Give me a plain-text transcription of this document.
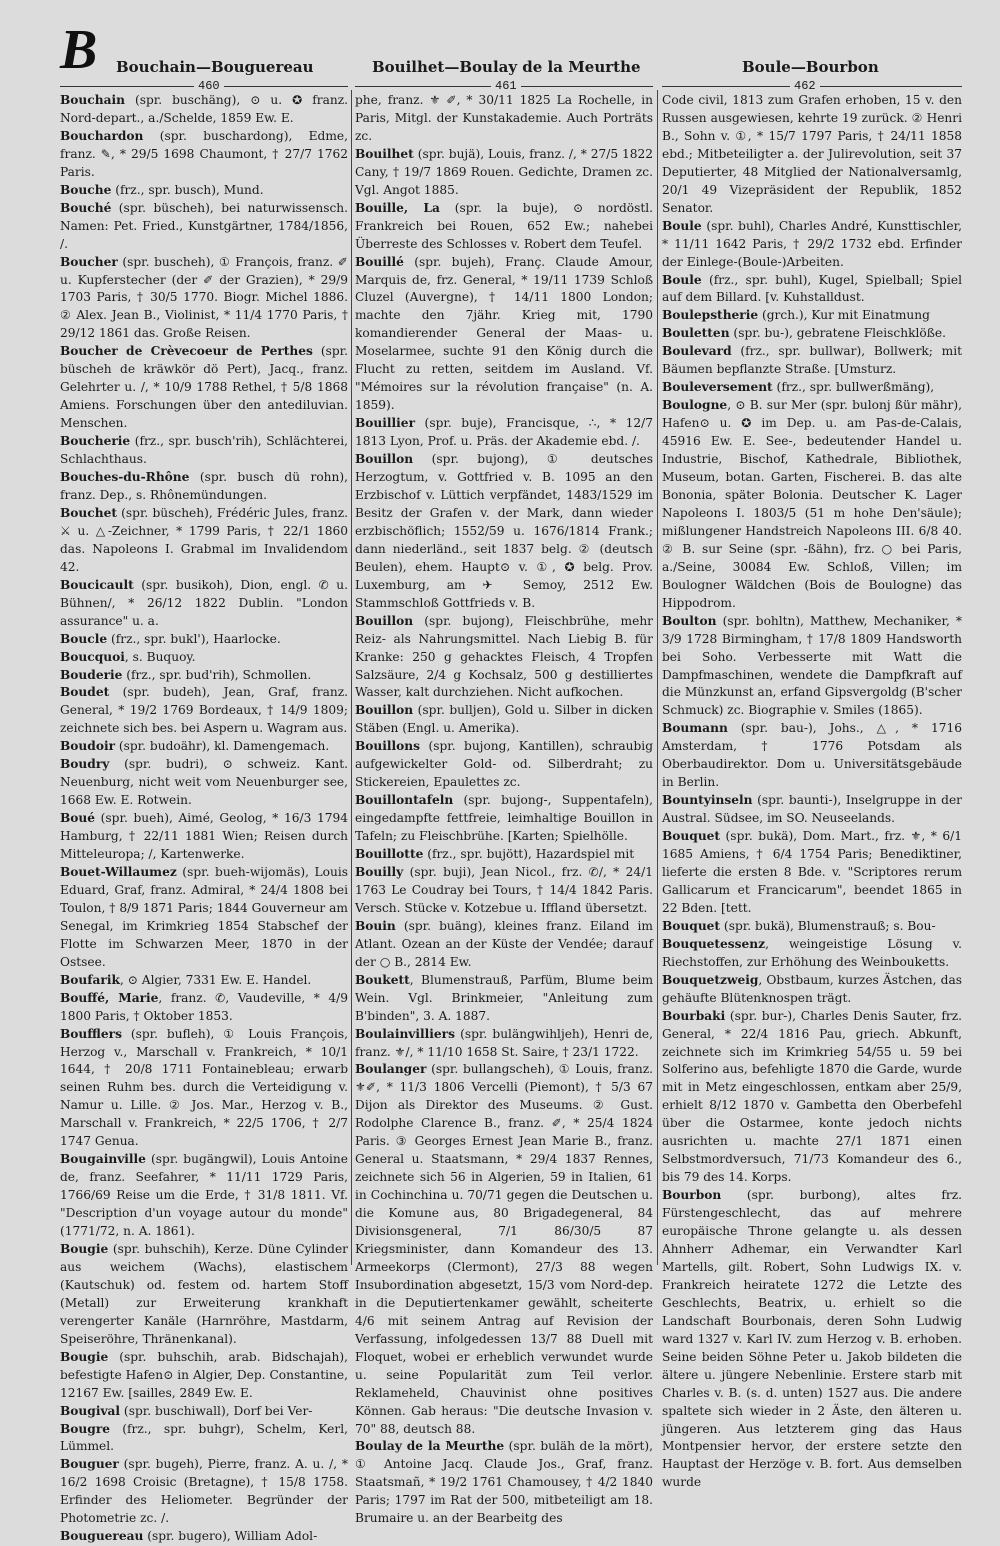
B Bouchain—Bouguereau	Bouilhet—Boulay de la Meurthe	Boule—Bourbon
460	461	462

Bouchain (spr. buschäng), ⊙ u. ✪ franz. Nord-depart., a./Schelde, 1859 Ew. E.

Bouchardon (spr. buschardong), Edme, franz. ✎, * 29/5 1698 Chaumont, † 27/7 1762 Paris.

Bouche (frz., spr. busch), Mund.

Bouché (spr. büscheh), bei naturwissensch. Namen: Pet. Fried., Kunstgärtner, 1784/1856, /.

Boucher (spr. buscheh), ① François, franz. ✐ u. Kupferstecher (der ✐ der Grazien), * 29/9 1703 Paris, † 30/5 1770. Biogr. Michel 1886. ② Alex. Jean B., Violinist, * 11/4 1770 Paris, † 29/12 1861 das. Große Reisen.

Boucher de Crèvecoeur de Perthes (spr. büscheh de kräwkör dö Pert), Jacq., franz. Gelehrter u. /, * 10/9 1788 Rethel, † 5/8 1868 Amiens. Forschungen über den antediluvian. Menschen.

Boucherie (frz., spr. busch'rih), Schlächterei, Schlachthaus.

Bouches-du-Rhône (spr. busch dü rohn), franz. Dep., s. Rhônemündungen.

Bouchet (spr. büscheh), Frédéric Jules, franz. ⚔ u. △-Zeichner, * 1799 Paris, † 22/1 1860 das. Napoleons I. Grabmal im Invalidendom 42.

Boucicault (spr. busikoh), Dion, engl. ✆ u. Bühnen/, * 26/12 1822 Dublin. "London assurance" u. a.

Boucle (frz., spr. bukl'), Haarlocke.

Boucquoi, s. Buquoy.

Bouderie (frz., spr. bud'rih), Schmollen.

Boudet (spr. budeh), Jean, Graf, franz. General, * 19/2 1769 Bordeaux, † 14/9 1809; zeichnete sich bes. bei Aspern u. Wagram aus.

Boudoir (spr. budoähr), kl. Damengemach.

Boudry (spr. budri), ⊙ schweiz. Kant. Neuenburg, nicht weit vom Neuenburger see, 1668 Ew. E. Rotwein.

Boué (spr. bueh), Aimé, Geolog, * 16/3 1794 Hamburg, † 22/11 1881 Wien; Reisen durch Mitteleuropa; /, Kartenwerke.

Bouet-Willaumez (spr. bueh-wijomäs), Louis Eduard, Graf, franz. Admiral, * 24/4 1808 bei Toulon, † 8/9 1871 Paris; 1844 Gouverneur am Senegal, im Krimkrieg 1854 Stabschef der Flotte im Schwarzen Meer, 1870 in der Ostsee.

Boufarik, ⊙ Algier, 7331 Ew. E. Handel.

Bouffé, Marie, franz. ✆, Vaudeville, * 4/9 1800 Paris, † Oktober 1853.

Boufflers (spr. bufleh), ① Louis François, Herzog v., Marschall v. Frankreich, * 10/1 1644, † 20/8 1711 Fontainebleau; erwarb seinen Ruhm bes. durch die Verteidigung v. Namur u. Lille. ② Jos. Mar., Herzog v. B., Marschall v. Frankreich, * 22/5 1706, † 2/7 1747 Genua.

Bougainville (spr. bugängwil), Louis Antoine de, franz. Seefahrer, * 11/11 1729 Paris, 1766/69 Reise um die Erde, † 31/8 1811. Vf. "Description d'un voyage autour du monde" (1771/72, n. A. 1861).

Bougie (spr. buhschih), Kerze. Düne Cylinder aus weichem (Wachs), elastischem (Kautschuk) od. festem od. hartem Stoff (Metall) zur Erweiterung krankhaft verengerter Kanäle (Harnröhre, Mastdarm, Speiseröhre, Thränenkanal).

Bougie (spr. buhschih, arab. Bidschajah), befestigte Hafen⊙ in Algier, Dep. Constantine, 12167 Ew. [sailles, 2849 Ew. E.

Bougival (spr. buschiwall), Dorf bei Ver-

Bougre (frz., spr. buhgr), Schelm, Kerl, Lümmel.

Bouguer (spr. bugeh), Pierre, franz. A. u. /, * 16/2 1698 Croisic (Bretagne), † 15/8 1758. Erfinder des Heliometer. Begründer der Photometrie zc. /.

Bouguereau (spr. bugero), William Adol-

phe, franz. ⚜ ✐, * 30/11 1825 La Rochelle, in Paris, Mitgl. der Kunstakademie. Auch Porträts zc.

Bouilhet (spr. bujä), Louis, franz. /, * 27/5 1822 Cany, † 19/7 1869 Rouen. Gedichte, Dramen zc. Vgl. Angot 1885.

Bouille, La (spr. la buje), ⊙ nordöstl. Frankreich bei Rouen, 652 Ew.; nahebei Überreste des Schlosses v. Robert dem Teufel.

Bouillé (spr. bujeh), Franç. Claude Amour, Marquis de, frz. General, * 19/11 1739 Schloß Cluzel (Auvergne), † 14/11 1800 London; machte den 7jähr. Krieg mit, 1790 komandierender General der Maas- u. Moselarmee, suchte 91 den König durch die Flucht zu retten, seitdem im Ausland. Vf. "Mémoires sur la révolution française" (n. A. 1859).

Bouillier (spr. buje), Francisque, ∴, * 12/7 1813 Lyon, Prof. u. Präs. der Akademie ebd. /.

Bouillon (spr. bujong), ① deutsches Herzogtum, v. Gottfried v. B. 1095 an den Erzbischof v. Lüttich verpfändet, 1483/1529 im Besitz der Grafen v. der Mark, dann wieder erzbischöflich; 1552/59 u. 1676/1814 Frank.; dann niederländ., seit 1837 belg. ② (deutsch Beulen), ehem. Haupt⊙ v. ①, ✪ belg. Prov. Luxemburg, am ✈ Semoy, 2512 Ew. Stammschloß Gottfrieds v. B.

Bouillon (spr. bujong), Fleischbrühe, mehr Reiz- als Nahrungsmittel. Nach Liebig B. für Kranke: 250 g gehacktes Fleisch, 4 Tropfen Salzsäure, 2/4 g Kochsalz, 500 g destilliertes Wasser, kalt durchziehen. Nicht aufkochen.

Bouillon (spr. bulljen), Gold u. Silber in dicken Stäben (Engl. u. Amerika).

Bouillons (spr. bujong, Kantillen), schraubig aufgewickelter Gold- od. Silberdraht; zu Stickereien, Epaulettes zc.

Bouillontafeln (spr. bujong-, Suppentafeln), eingedampfte fettfreie, leimhaltige Bouillon in Tafeln; zu Fleischbrühe. [Karten; Spielhölle.

Bouillotte (frz., spr. bujött), Hazardspiel mit

Bouilly (spr. buji), Jean Nicol., frz. ✆/, * 24/1 1763 Le Coudray bei Tours, † 14/4 1842 Paris. Versch. Stücke v. Kotzebue u. Iffland übersetzt.

Bouin (spr. buäng), kleines franz. Eiland im Atlant. Ozean an der Küste der Vendée; darauf der ○ B., 2814 Ew.

Boukett, Blumenstrauß, Parfüm, Blume beim Wein. Vgl. Brinkmeier, "Anleitung zum B'binden", 3. A. 1887.

Boulainvilliers (spr. bulängwihljeh), Henri de, franz. ⚜/, * 11/10 1658 St. Saire, † 23/1 1722.

Boulanger (spr. bullangscheh), ① Louis, franz. ⚜✐, * 11/3 1806 Vercelli (Piemont), † 5/3 67 Dijon als Direktor des Museums. ② Gust. Rodolphe Clarence B., franz. ✐, * 25/4 1824 Paris. ③ Georges Ernest Jean Marie B., franz. General u. Staatsmann, * 29/4 1837 Rennes, zeichnete sich 56 in Algerien, 59 in Italien, 61 in Cochinchina u. 70/71 gegen die Deutschen u. die Komune aus, 80 Brigadegeneral, 84 Divisionsgeneral, 7/1 86/30/5 87 Kriegsminister, dann Komandeur des 13. Armeekorps (Clermont), 27/3 88 wegen Insubordination abgesetzt, 15/3 vom Nord-dep. in die Deputiertenkamer gewählt, scheiterte 4/6 mit seinem Antrag auf Revision der Verfassung, infolgedessen 13/7 88 Duell mit Floquet, wobei er erheblich verwundet wurde u. seine Popularität zum Teil verlor. Reklameheld, Chauvinist ohne positives Können. Gab heraus: "Die deutsche Invasion v. 70" 88, deutsch 88.

Boulay de la Meurthe (spr. buläh de la mört), ① Antoine Jacq. Claude Jos., Graf, franz. Staatsmañ, * 19/2 1761 Chamousey, † 4/2 1840 Paris; 1797 im Rat der 500, mitbeteiligt am 18. Brumaire u. an der Bearbeitg des

Code civil, 1813 zum Grafen erhoben, 15 v. den Russen ausgewiesen, kehrte 19 zurück. ② Henri B., Sohn v. ①, * 15/7 1797 Paris, † 24/11 1858 ebd.; Mitbeteiligter a. der Julirevolution, seit 37 Deputierter, 48 Mitglied der Nationalversamlg, 20/1 49 Vizepräsident der Republik, 1852 Senator.

Boule (spr. buhl), Charles André, Kunsttischler, * 11/11 1642 Paris, † 29/2 1732 ebd. Erfinder der Einlege-(Boule-)Arbeiten.

Boule (frz., spr. buhl), Kugel, Spielball; Spiel auf dem Billard. [v. Kuhstalldust.

Boulepstherie (grch.), Kur mit Einatmung

Bouletten (spr. bu-), gebratene Fleischklöße.

Boulevard (frz., spr. bullwar), Bollwerk; mit Bäumen bepflanzte Straße. [Umsturz.

Bouleversement (frz., spr. bullwerßmäng),

Boulogne, ⊙ B. sur Mer (spr. bulonj ßür mähr), Hafen⊙ u. ✪ im Dep. u. am Pas-de-Calais, 45916 Ew. E. See-, bedeutender Handel u. Industrie, Bischof, Kathedrale, Bibliothek, Museum, botan. Garten, Fischerei. B. das alte Bononia, später Bolonia. Deutscher K. Lager Napoleons I. 1803/5 (51 m hohe Den'säule); mißlungener Handstreich Napoleons III. 6/8 40. ② B. sur Seine (spr. -ßähn), frz. ○ bei Paris, a./Seine, 30084 Ew. Schloß, Villen; im Boulogner Wäldchen (Bois de Boulogne) das Hippodrom.

Boulton (spr. bohltn), Matthew, Mechaniker, * 3/9 1728 Birmingham, † 17/8 1809 Handsworth bei Soho. Verbesserte mit Watt die Dampfmaschinen, wendete die Dampfkraft auf die Münzkunst an, erfand Gipsvergoldg (B'scher Schmuck) zc. Biographie v. Smiles (1865).

Boumann (spr. bau-), Johs., △, * 1716 Amsterdam, † 1776 Potsdam als Oberbaudirektor. Dom u. Universitätsgebäude in Berlin.

Bountyinseln (spr. baunti-), Inselgruppe in der Austral. Südsee, im SO. Neuseelands.

Bouquet (spr. bukä), Dom. Mart., frz. ⚜, * 6/1 1685 Amiens, † 6/4 1754 Paris; Benediktiner, lieferte die ersten 8 Bde. v. "Scriptores rerum Gallicarum et Francicarum", beendet 1865 in 22 Bden. [tett.

Bouquet (spr. bukä), Blumenstrauß; s. Bou-

Bouquetessenz, weingeistige Lösung v. Riechstoffen, zur Erhöhung des Weinbouketts.

Bouquetzweig, Obstbaum, kurzes Ästchen, das gehäufte Blütenknospen trägt.

Bourbaki (spr. bur-), Charles Denis Sauter, frz. General, * 22/4 1816 Pau, griech. Abkunft, zeichnete sich im Krimkrieg 54/55 u. 59 bei Solferino aus, befehligte 1870 die Garde, wurde mit in Metz eingeschlossen, entkam aber 25/9, erhielt 8/12 1870 v. Gambetta den Oberbefehl über die Ostarmee, konte jedoch nichts ausrichten u. machte 27/1 1871 einen Selbstmordversuch, 71/73 Komandeur des 6., bis 79 des 14. Korps.

Bourbon (spr. burbong), altes frz. Fürstengeschlecht, das auf mehrere europäische Throne gelangte u. als dessen Ahnherr Adhemar, ein Verwandter Karl Martells, gilt. Robert, Sohn Ludwigs IX. v. Frankreich heiratete 1272 die Letzte des Geschlechts, Beatrix, u. erhielt so die Landschaft Bourbonais, deren Sohn Ludwig ward 1327 v. Karl IV. zum Herzog v. B. erhoben. Seine beiden Söhne Peter u. Jakob bildeten die ältere u. jüngere Nebenlinie. Erstere starb mit Charles v. B. (s. d. unten) 1527 aus. Die andere spaltete sich wieder in 2 Äste, den älteren u. jüngeren. Aus letzterem ging das Haus Montpensier hervor, der erstere setzte den Hauptast der Herzöge v. B. fort. Aus demselben wurde
